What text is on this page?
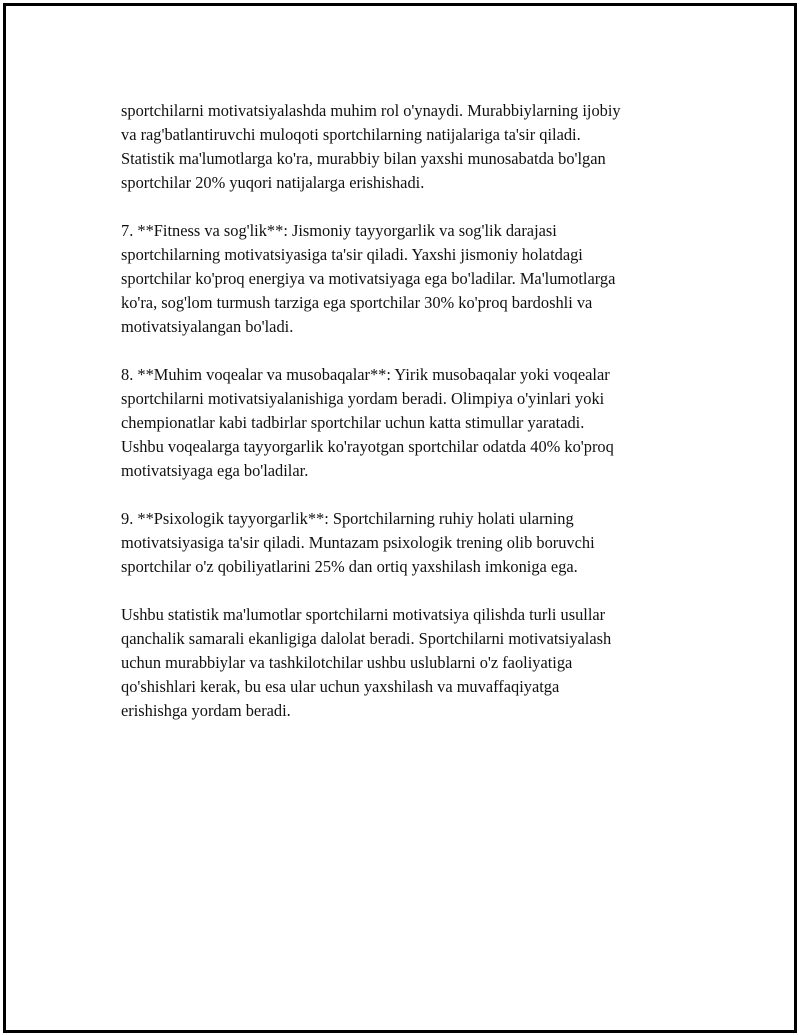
sportchilarni motivatsiyalashda muhim rol o'ynaydi. Murabbiylarning ijobiy
va rag'batlantiruvchi muloqoti sportchilarning natijalariga ta'sir qiladi.
Statistik ma'lumotlarga ko'ra, murabbiy bilan yaxshi munosabatda bo'lgan
sportchilar 20% yuqori natijalarga erishishadi.

7. **Fitness va sog'lik**: Jismoniy tayyorgarlik va sog'lik darajasi
sportchilarning motivatsiyasiga ta'sir qiladi. Yaxshi jismoniy holatdagi
sportchilar ko'proq energiya va motivatsiyaga ega bo'ladilar. Ma'lumotlarga
ko'ra, sog'lom turmush tarziga ega sportchilar 30% ko'proq bardoshli va
motivatsiyalangan bo'ladi.

8. **Muhim voqealar va musobaqalar**: Yirik musobaqalar yoki voqealar
sportchilarni motivatsiyalanishiga yordam beradi. Olimpiya o'yinlari yoki
chempionatlar kabi tadbirlar sportchilar uchun katta stimullar yaratadi.
Ushbu voqealarga tayyorgarlik ko'rayotgan sportchilar odatda 40% ko'proq
motivatsiyaga ega bo'ladilar.

9. **Psixologik tayyorgarlik**: Sportchilarning ruhiy holati ularning
motivatsiyasiga ta'sir qiladi. Muntazam psixologik trening olib boruvchi
sportchilar o'z qobiliyatlarini 25% dan ortiq yaxshilash imkoniga ega.

Ushbu statistik ma'lumotlar sportchilarni motivatsiya qilishda turli usullar
qanchalik samarali ekanligiga dalolat beradi. Sportchilarni motivatsiyalash
uchun murabbiylar va tashkilotchilar ushbu uslublarni o'z faoliyatiga
qo'shishlari kerak, bu esa ular uchun yaxshilash va muvaffaqiyatga
erishishga yordam beradi.
